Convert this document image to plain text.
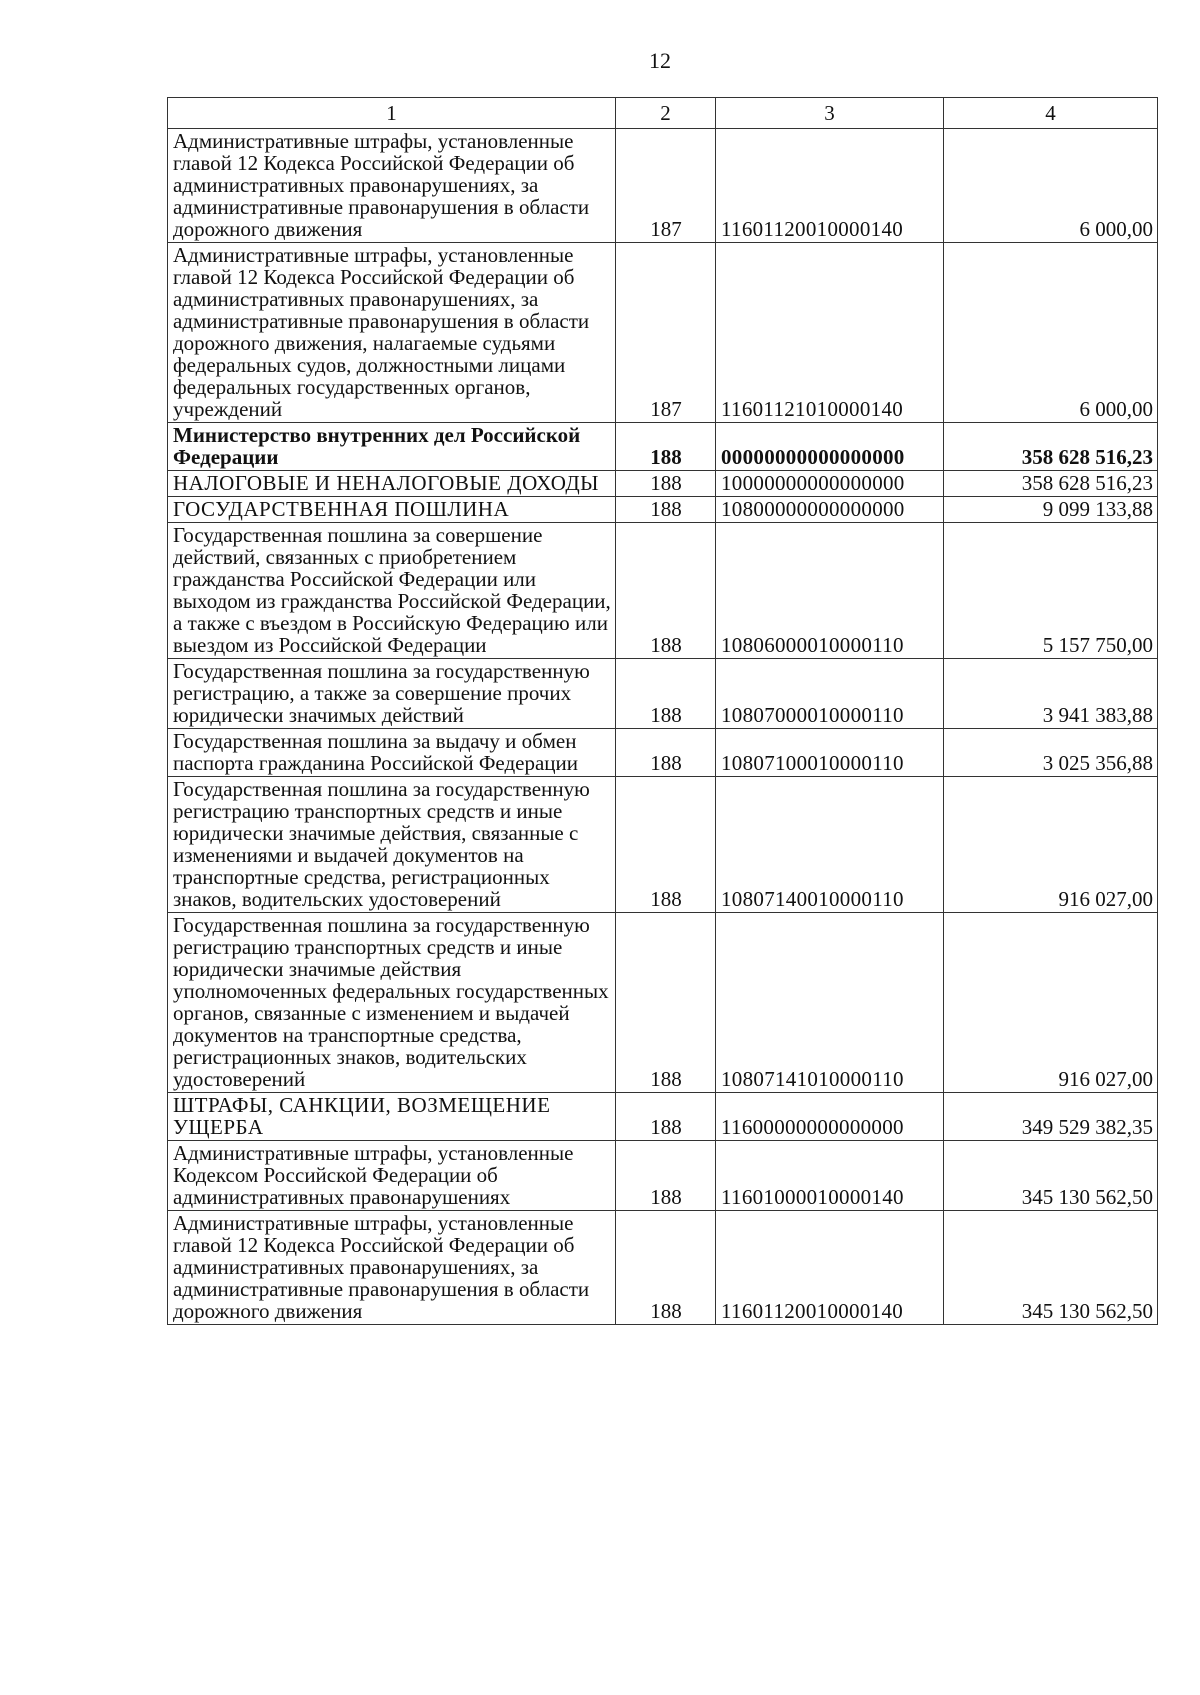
12
1	2	3	4
Административные штрафы, установленные главой 12 Кодекса Российской Федерации об административных правонарушениях, за административные правонарушения в области дорожного движения	187	11601120010000140	6 000,00
Административные штрафы, установленные главой 12 Кодекса Российской Федерации об административных правонарушениях, за административные правонарушения в области дорожного движения, налагаемые судьями федеральных судов, должностными лицами федеральных государственных органов, учреждений	187	11601121010000140	6 000,00
Министерство внутренних дел Российской Федерации	188	00000000000000000	358 628 516,23
НАЛОГОВЫЕ И НЕНАЛОГОВЫЕ ДОХОДЫ	188	10000000000000000	358 628 516,23
ГОСУДАРСТВЕННАЯ ПОШЛИНА	188	10800000000000000	9 099 133,88
Государственная пошлина за совершение действий, связанных с приобретением гражданства Российской Федерации или выходом из гражданства Российской Федерации, а также с въездом в Российскую Федерацию или выездом из Российской Федерации	188	10806000010000110	5 157 750,00
Государственная пошлина за государственную регистрацию, а также за совершение прочих юридически значимых действий	188	10807000010000110	3 941 383,88
Государственная пошлина за выдачу и обмен паспорта гражданина Российской Федерации	188	10807100010000110	3 025 356,88
Государственная пошлина за государственную регистрацию транспортных средств и иные юридически значимые действия, связанные с изменениями и выдачей документов на транспортные средства, регистрационных знаков, водительских удостоверений	188	10807140010000110	916 027,00
Государственная пошлина за государственную регистрацию транспортных средств и иные юридически значимые действия уполномоченных федеральных государственных органов, связанные с изменением и выдачей документов на транспортные средства, регистрационных знаков, водительских удостоверений	188	10807141010000110	916 027,00
ШТРАФЫ, САНКЦИИ, ВОЗМЕЩЕНИЕ УЩЕРБА	188	11600000000000000	349 529 382,35
Административные штрафы, установленные Кодексом Российской Федерации об административных правонарушениях	188	11601000010000140	345 130 562,50
Административные штрафы, установленные главой 12 Кодекса Российской Федерации об административных правонарушениях, за административные правонарушения в области дорожного движения	188	11601120010000140	345 130 562,50
